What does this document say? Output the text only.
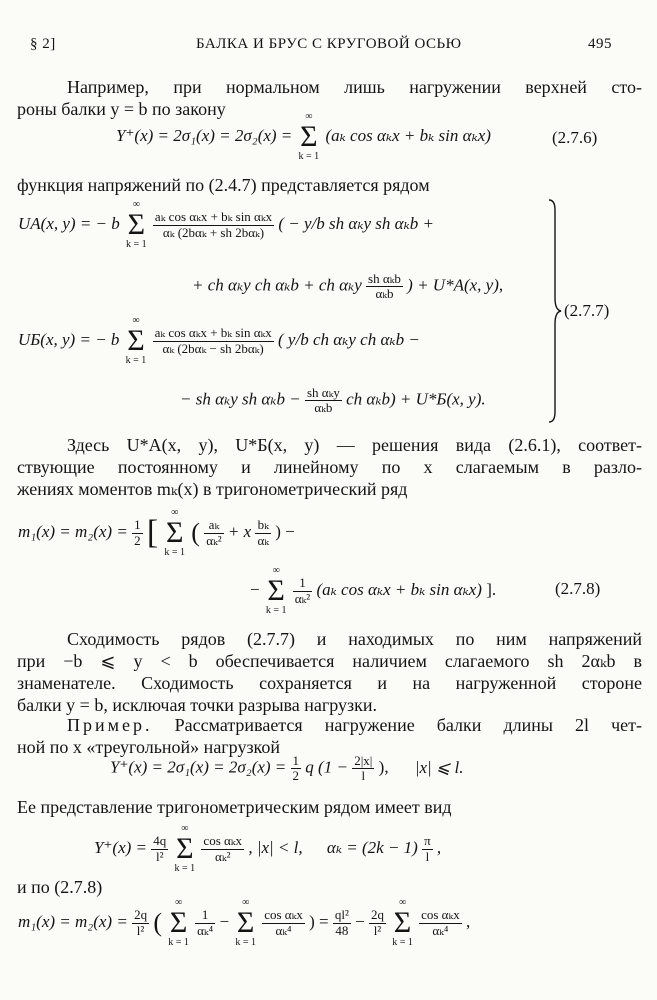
§ 2]	БАЛКА И БРУС С КРУГОВОЙ ОСЬЮ	495
Например, при нормальном лишь нагружении верхней сто-
роны балки y = b по закону
Y⁺(x) = 2σ₁(x) = 2σ₂(x) =
∞
Σ
k = 1
(aₖ cos αₖx + bₖ sin αₖx)	(2.7.6)
функция напряжений по (2.4.7) представляется рядом
UА(x, y) = − b
∞
Σ
k = 1

$\frac{\text{aₖ cos αₖx + bₖ sin αₖx}}{\text{αₖ (2bαₖ + sh 2bαₖ)}}$ ( − y/b sh αₖy sh αₖb +
+ ch αₖy ch αₖb + ch αₖy $\frac{\text{sh αₖb}}{\text{αₖb}}$ ) + U*А(x, y),
UБ(x, y) = − b
∞
Σ
k = 1

$\frac{\text{aₖ cos αₖx + bₖ sin αₖx}}{\text{αₖ (2bαₖ − sh 2bαₖ)}}$ ( y/b ch αₖy ch αₖb −
− sh αₖy sh $\alpha_kb - \frac{\text{sh αₖy}}{\text{αₖb}}$ ch αₖb) + U*Б(x, y).
(2.7.7)
Здесь U*А(x, y), U*Б(x, y) — решения вида (2.6.1), соответ-
ствующие постоянному и линейному по x слагаемым в разло-
жениях моментов mₖ(x) в тригонометрический ряд
$m_1(x) = m_2(x) = \frac{1}{2}$ [
∞
Σ
k = 1
( $\frac{\text{aₖ}}{\text{αₖ²}} + x \frac{\text{bₖ}}{\text{αₖ}}$ ) −
−
∞
Σ
k = 1

$\frac{1}{\text{αₖ²}} (a_k$ cos αₖx + bₖ sin αₖx) ].	(2.7.8)
Сходимость рядов (2.7.7) и находимых по ним напряжений
при −b ⩽ y < b обеспечивается наличием слагаемого sh 2αₖb в
знаменателе. Сходимость сохраняется и на нагруженной стороне
балки y = b, исключая точки разрыва нагрузки.
Пример. Рассматривается нагружение балки длины 2l чет-
ной по x «треугольной» нагрузкой
$Y^+(x) = 2\sigma_1(x) = 2\sigma_2(x) = \frac{1}{2}$ q ($1 - \frac{2|x|}{l}$ ), |x| ⩽ l.
Ее представление тригонометрическим рядом имеет вид
$Y^+(x) = \frac{4q}{\text{l²}}$

∞
Σ
k = 1

$\frac{\text{cos αₖx}}{\text{αₖ²}}$ , |x| < l, $\alpha_k = (2k - 1) \frac{\pi}{l}$ ,
и по (2.7.8)
$m_1(x) = m_2(x) = \frac{2q}{\text{l²}}$ (
∞
Σ
k = 1

$\frac{1}{\text{αₖ⁴}}$ −
∞
Σ
k = 1

$\frac{\text{cos αₖx}}{\text{αₖ⁴}}$ ) = $\frac{\text{ql²}}{48} - \frac{2q}{\text{l²}}$

∞
Σ
k = 1

$\frac{\text{cos αₖx}}{\text{αₖ⁴}}$ ,
